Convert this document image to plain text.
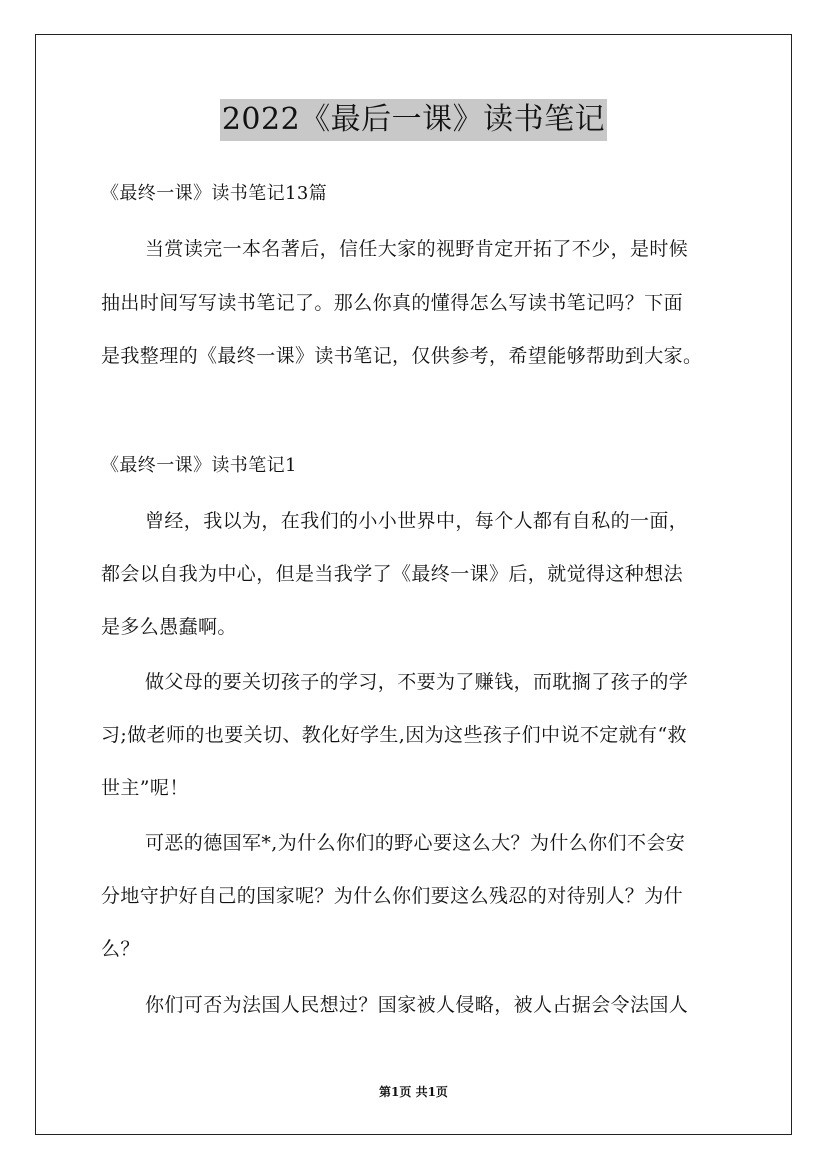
2022《最后一课》读书笔记
《最终一课》读书笔记13篇
当赏读完一本名著后，信任大家的视野肯定开拓了不少，是时候
抽出时间写写读书笔记了。那么你真的懂得怎么写读书笔记吗？下面
是我整理的《最终一课》读书笔记，仅供参考，希望能够帮助到大家。
《最终一课》读书笔记1
曾经，我以为，在我们的小小世界中，每个人都有自私的一面，
都会以自我为中心，但是当我学了《最终一课》后，就觉得这种想法
是多么愚蠢啊。
做父母的要关切孩子的学习，不要为了赚钱，而耽搁了孩子的学
习;做老师的也要关切、教化好学生,因为这些孩子们中说不定就有“救
世主”呢！
可恶的德国军*,为什么你们的野心要这么大？为什么你们不会安
分地守护好自己的国家呢？为什么你们要这么残忍的对待别人？为什
么？
你们可否为法国人民想过？国家被人侵略，被人占据会令法国人
第1页 共1页
